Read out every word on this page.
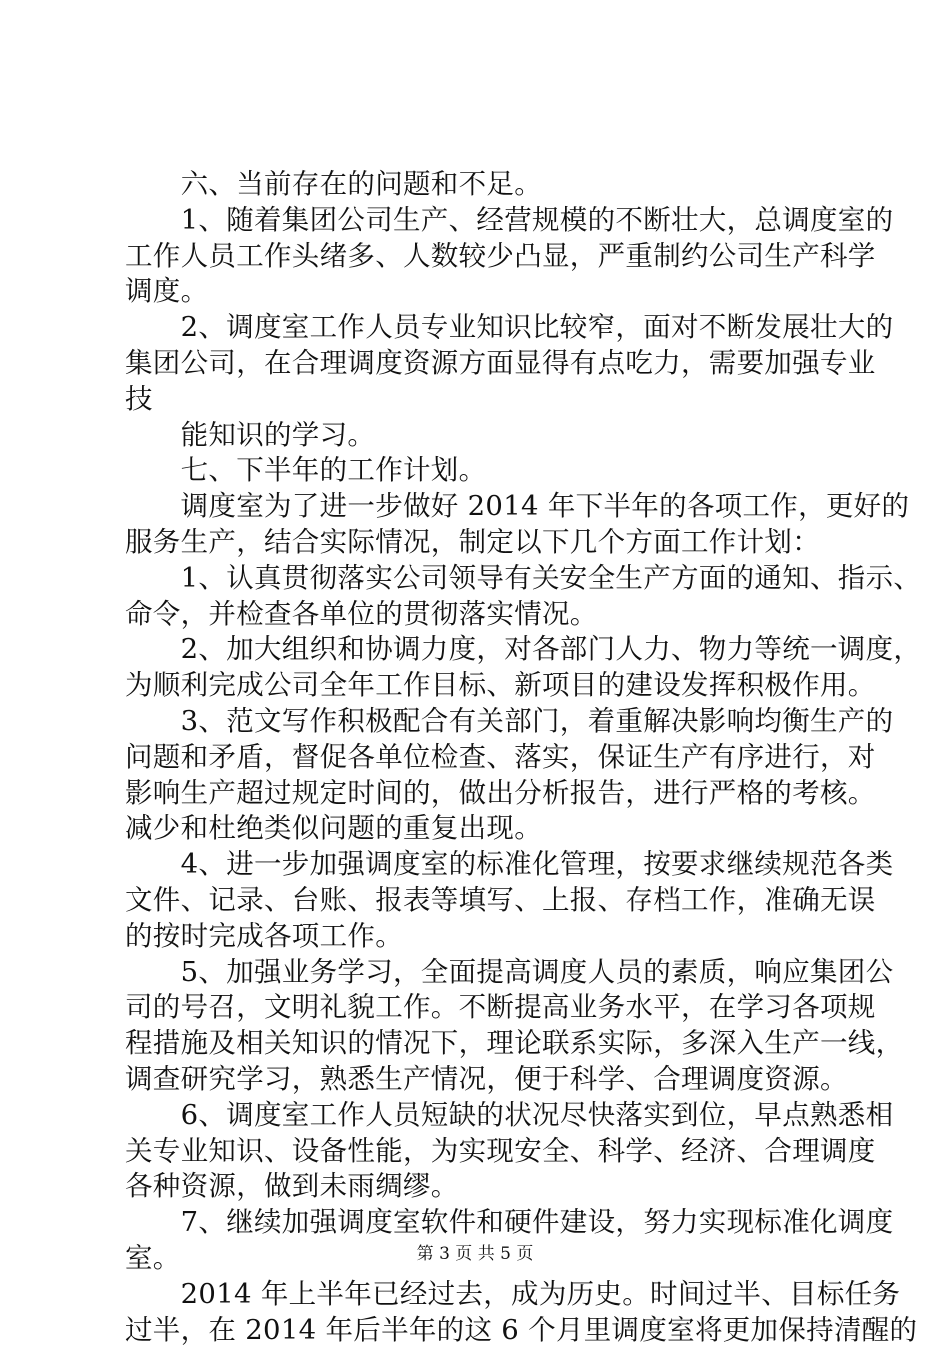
　　六、当前存在的问题和不足。
　　1、随着集团公司生产、经营规模的不断壮大，总调度室的
工作人员工作头绪多、人数较少凸显，严重制约公司生产科学
调度。
　　2、调度室工作人员专业知识比较窄，面对不断发展壮大的
集团公司，在合理调度资源方面显得有点吃力，需要加强专业
技
　　能知识的学习。
　　七、下半年的工作计划。
　　调度室为了进一步做好 2014 年下半年的各项工作，更好的
服务生产，结合实际情况，制定以下几个方面工作计划：
　　1、认真贯彻落实公司领导有关安全生产方面的通知、指示、
命令，并检查各单位的贯彻落实情况。
　　2、加大组织和协调力度，对各部门人力、物力等统一调度，
为顺利完成公司全年工作目标、新项目的建设发挥积极作用。
　　3、范文写作积极配合有关部门，着重解决影响均衡生产的
问题和矛盾，督促各单位检查、落实，保证生产有序进行，对
影响生产超过规定时间的，做出分析报告，进行严格的考核。
减少和杜绝类似问题的重复出现。
　　4、进一步加强调度室的标准化管理，按要求继续规范各类
文件、记录、台账、报表等填写、上报、存档工作，准确无误
的按时完成各项工作。
　　5、加强业务学习，全面提高调度人员的素质，响应集团公
司的号召，文明礼貌工作。不断提高业务水平，在学习各项规
程措施及相关知识的情况下，理论联系实际，多深入生产一线，
调查研究学习，熟悉生产情况，便于科学、合理调度资源。
　　6、调度室工作人员短缺的状况尽快落实到位，早点熟悉相
关专业知识、设备性能，为实现安全、科学、经济、合理调度
各种资源，做到未雨绸缪。
　　7、继续加强调度室软件和硬件建设，努力实现标准化调度
室。
　　2014 年上半年已经过去，成为历史。时间过半、目标任务
过半，在 2014 年后半年的这 6 个月里调度室将更加保持清醒的
第 3 页 共 5 页
